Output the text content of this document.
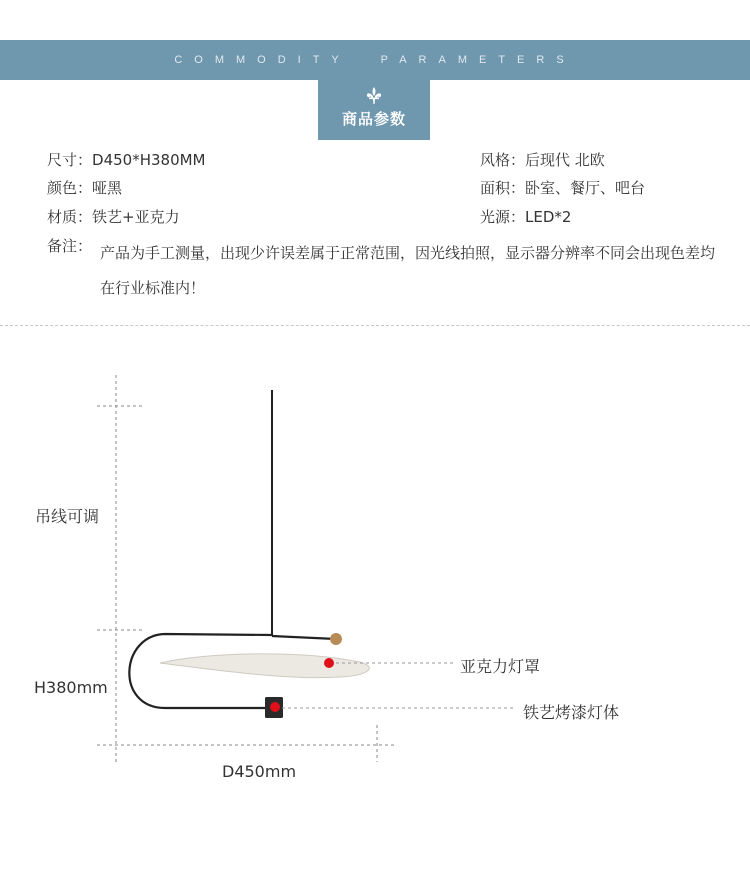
COMMODITY  PARAMETERS
商品参数
尺寸：D450*H380MM
颜色：哑黑
材质：铁艺+亚克力
风格：后现代 北欧
面积：卧室、餐厅、吧台
光源：LED*2
备注： 产品为手工测量，出现少许误差属于正常范围，因光线拍照，显示器分辨率不同会出现色差均在行业标准内！
吊线可调
H380mm
D450mm
亚克力灯罩
铁艺烤漆灯体
